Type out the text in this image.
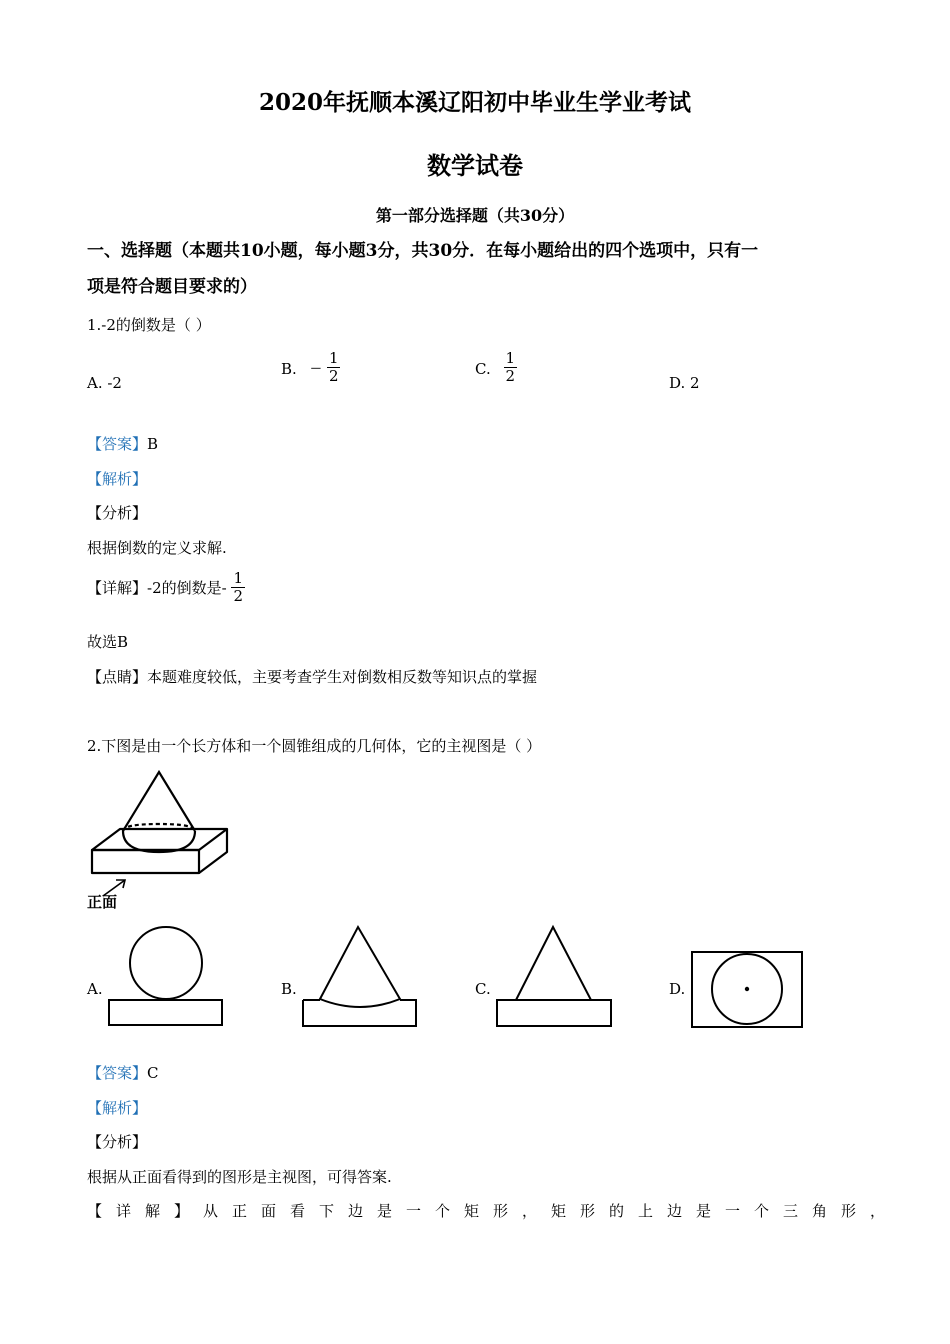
2020年抚顺本溪辽阳初中毕业生学业考试
数学试卷
第一部分选择题（共30分）
一、选择题（本题共10小题，每小题3分，共30分．在每小题给出的四个选项中，只有一
项是符合题目要求的）
1.-2的倒数是（ ）
A. -2
B. − $\frac{1}{2}$	C. $\frac{1}{2}$	D. 2
【答案】B
【解析】
【分析】
根据倒数的定义求解.
【详解】-2的倒数是- $\frac{1}{2}$
故选B
【点睛】本题难度较低，主要考查学生对倒数相反数等知识点的掌握
2.下图是由一个长方体和一个圆锥组成的几何体，它的主视图是（ ）
正面
A.	B.	C.	D.
【答案】C
【解析】
【分析】
根据从正面看得到的图形是主视图，可得答案.
【详解】从正面看下边是一个矩形，矩形的上边是一个三角形，
